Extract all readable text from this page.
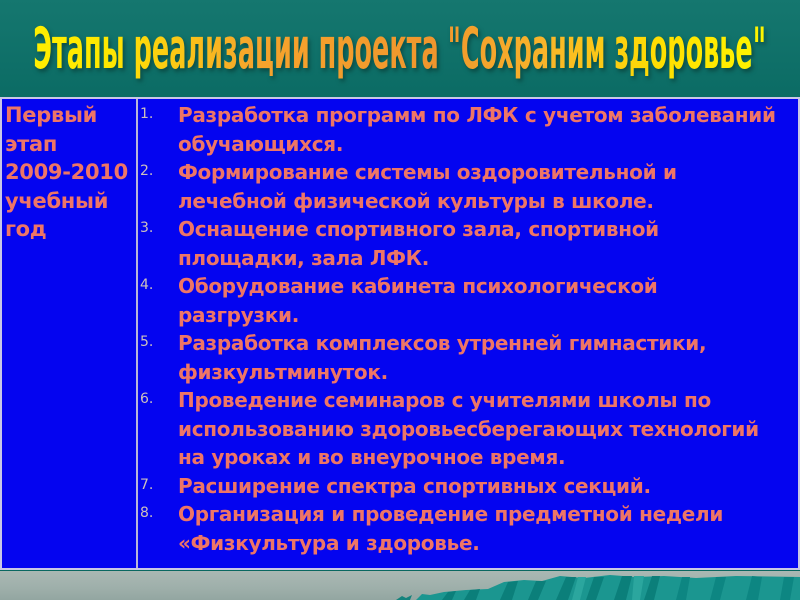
Этапы реализации проекта "Сохраним здоровье"
Первый
этап
2009-2010
учебный
год
1. Разработка программ по ЛФК с учетом заболеваний
обучающихся.
2. Формирование системы оздоровительной и
лечебной физической культуры в школе.
3. Оснащение спортивного зала, спортивной
площадки, зала ЛФК.
4. Оборудование кабинета психологической
разгрузки.
5. Разработка комплексов утренней гимнастики,
физкультминуток.
6. Проведение семинаров с учителями школы по
использованию здоровьесберегающих технологий
на уроках и во внеурочное время.
7. Расширение спектра спортивных секций.
8. Организация и проведение предметной недели
«Физкультура и здоровье.
